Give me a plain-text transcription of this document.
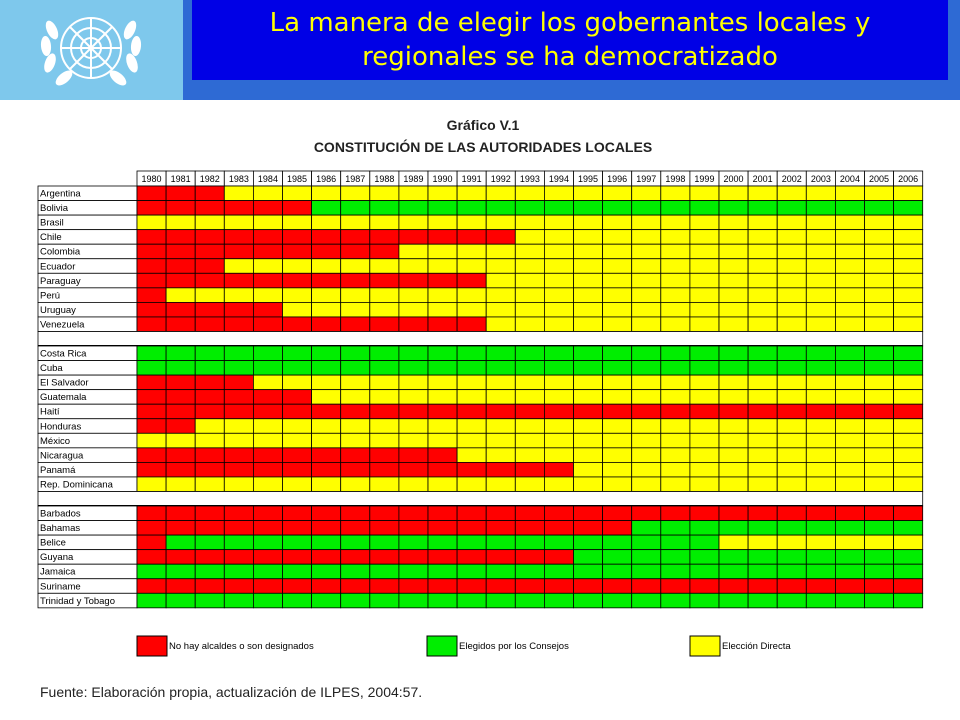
La manera de elegir los gobernantes locales y regionales se ha democratizado
Gráfico V.1
CONSTITUCIÓN DE LAS AUTORIDADES LOCALES
1980 1981 1982 1983 1984 1985 1986 1987 1988 1989 1990 1991 1992 1993 1994 1995 1996 1997 1998 1999 2000 2001 2002 2003 2004 2005 2006
Argentina
Bolivia
Brasil
Chile
Colombia
Ecuador
Paraguay
Perú
Uruguay
Venezuela
Costa Rica
Cuba
El Salvador
Guatemala
Haití
Honduras
México
Nicaragua
Panamá
Rep. Dominicana
Barbados
Bahamas
Belice
Guyana
Jamaica
Suriname
Trinidad y Tobago
No hay alcaldes o son designados	Elegidos por los Consejos	Elección Directa
Fuente: Elaboración propia, actualización de ILPES, 2004:57.
